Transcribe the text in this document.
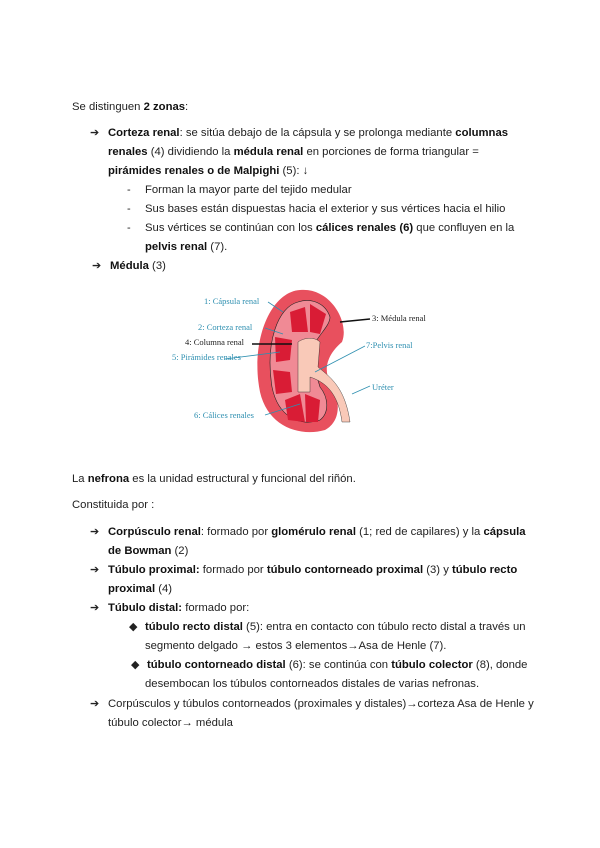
Se distinguen 2 zonas:
➔ Corteza renal: se sitúa debajo de la cápsula y se prolonga mediante columnas
renales (4) dividiendo la médula renal en porciones de forma triangular =
pirámides renales o de Malpighi (5): ↓
- Forman la mayor parte del tejido medular
- Sus bases están dispuestas hacia el exterior y sus vértices hacia el hilio
- Sus vértices se continúan con los cálices renales (6) que confluyen en la
pelvis renal (7).
➔ Médula (3)
La nefrona es la unidad estructural y funcional del riñón.
Constituida por :
➔ Corpúsculo renal: formado por glomérulo renal (1; red de capilares) y la cápsula
de Bowman (2)
➔ Túbulo proximal: formado por túbulo contorneado proximal (3) y túbulo recto
proximal (4)
➔ Túbulo distal: formado por:
◆ túbulo recto distal (5): entra en contacto con túbulo recto distal a través un
segmento delgado → estos 3 elementos→Asa de Henle (7).
◆ túbulo contorneado distal (6): se continúa con túbulo colector (8), donde
desembocan los túbulos contorneados distales de varias nefronas.
➔ Corpúsculos y túbulos contorneados (proximales y distales)→corteza Asa de Henle y
túbulo colector→ médula
1: Cápsula renal
2: Corteza renal
3: Médula renal
4: Columna renal
5: Pirámides renales
7:Pelvis renal
Uréter
6: Cálices renales
